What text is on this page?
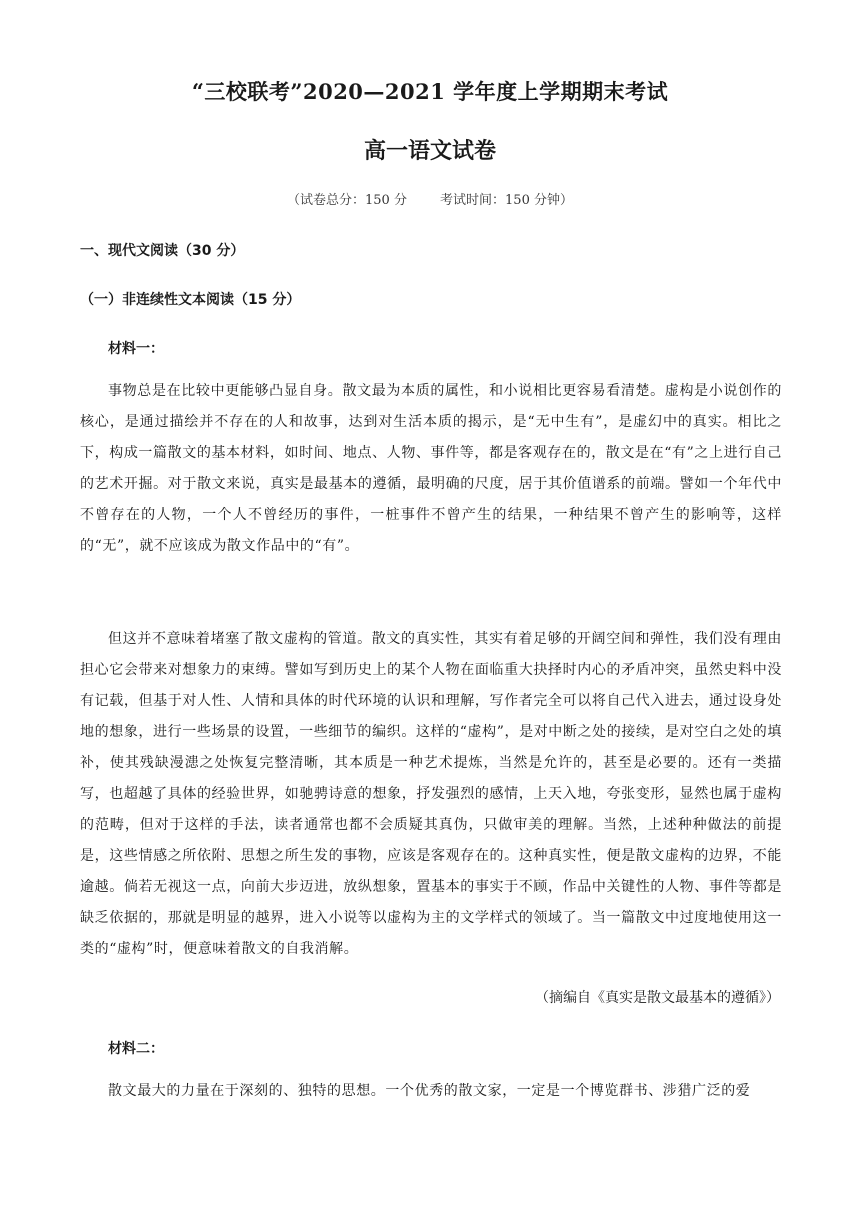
“三校联考”2020—2021 学年度上学期期末考试
高一语文试卷
（试卷总分：150 分	考试时间：150 分钟）
一、现代文阅读（30 分）
（一）非连续性文本阅读（15 分）
材料一：
事物总是在比较中更能够凸显自身。散文最为本质的属性，和小说相比更容易看清楚。虚构是小说创作的核心，是通过描绘并不存在的人和故事，达到对生活本质的揭示，是“无中生有”，是虚幻中的真实。相比之下，构成一篇散文的基本材料，如时间、地点、人物、事件等，都是客观存在的，散文是在“有”之上进行自己的艺术开掘。对于散文来说，真实是最基本的遵循，最明确的尺度，居于其价值谱系的前端。譬如一个年代中不曾存在的人物，一个人不曾经历的事件，一桩事件不曾产生的结果，一种结果不曾产生的影响等，这样的“无”，就不应该成为散文作品中的“有”。
但这并不意味着堵塞了散文虚构的管道。散文的真实性，其实有着足够的开阔空间和弹性，我们没有理由担心它会带来对想象力的束缚。譬如写到历史上的某个人物在面临重大抉择时内心的矛盾冲突，虽然史料中没有记载，但基于对人性、人情和具体的时代环境的认识和理解，写作者完全可以将自己代入进去，通过设身处地的想象，进行一些场景的设置，一些细节的编织。这样的“虚构”，是对中断之处的接续，是对空白之处的填补，使其残缺漫漶之处恢复完整清晰，其本质是一种艺术提炼，当然是允许的，甚至是必要的。还有一类描写，也超越了具体的经验世界，如驰骋诗意的想象，抒发强烈的感情，上天入地，夸张变形，显然也属于虚构的范畴，但对于这样的手法，读者通常也都不会质疑其真伪，只做审美的理解。当然，上述种种做法的前提是，这些情感之所依附、思想之所生发的事物，应该是客观存在的。这种真实性，便是散文虚构的边界，不能逾越。倘若无视这一点，向前大步迈进，放纵想象，置基本的事实于不顾，作品中关键性的人物、事件等都是缺乏依据的，那就是明显的越界，进入小说等以虚构为主的文学样式的领域了。当一篇散文中过度地使用这一类的“虚构”时，便意味着散文的自我消解。
（摘编自《真实是散文最基本的遵循》）
材料二：
散文最大的力量在于深刻的、独特的思想。一个优秀的散文家，一定是一个博览群书、涉猎广泛的爱
